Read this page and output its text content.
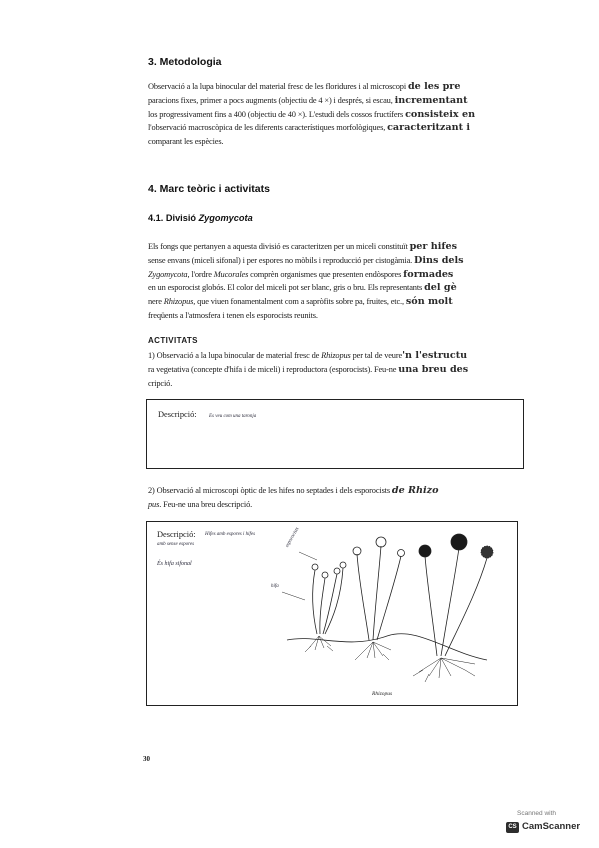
3. Metodologia
Observació a la lupa binocular del material fresc de les floridures i al microscopi de les pre
paracions fixes, primer a pocs augments (objectiu de 4 ×) i després, si escau, incrementant
los progressivament fins a 400 (objectiu de 40 ×). L'estudi dels cossos fructífers consisteix en
l'observació macroscòpica de les diferents característiques morfològiques, caracteritzant i
comparant les espècies.
4. Marc teòric i activitats
4.1. Divisió Zygomycota
Els fongs que pertanyen a aquesta divisió es caracteritzen per un miceli constituït per hifes
sense envans (miceli sifonal) i per espores no mòbils i reproducció per cistogàmia. Dins dels
Zygomycota, l'ordre Mucorales comprèn organismes que presenten endòspores formades
en un esporocist globós. El color del miceli pot ser blanc, gris o bru. Els representants del gè
nere Rhizopus, que viuen fonamentalment com a sapròfits sobre pa, fruites, etc., són molt
freqüents a l'atmosfera i tenen els esporocists reunits.
ACTIVITATS
1) Observació a la lupa binocular de material fresc de Rhizopus per tal de veure'n l'estructu
ra vegetativa (concepte d'hifa i de miceli) i reproductora (esporocists). Feu-ne una breu des
cripció.
Descripció: Es veu com una taronja
2) Observació al microscopi òptic de les hifes no septades i dels esporocists de Rhizo
pus. Feu-ne una breu descripció.
Descripció: Hifes amb espores i hifes
amb sense espores
És hifa sifonal
esporocists
hifa
Rhizopus
30
Scanned with
CS CamScanner
